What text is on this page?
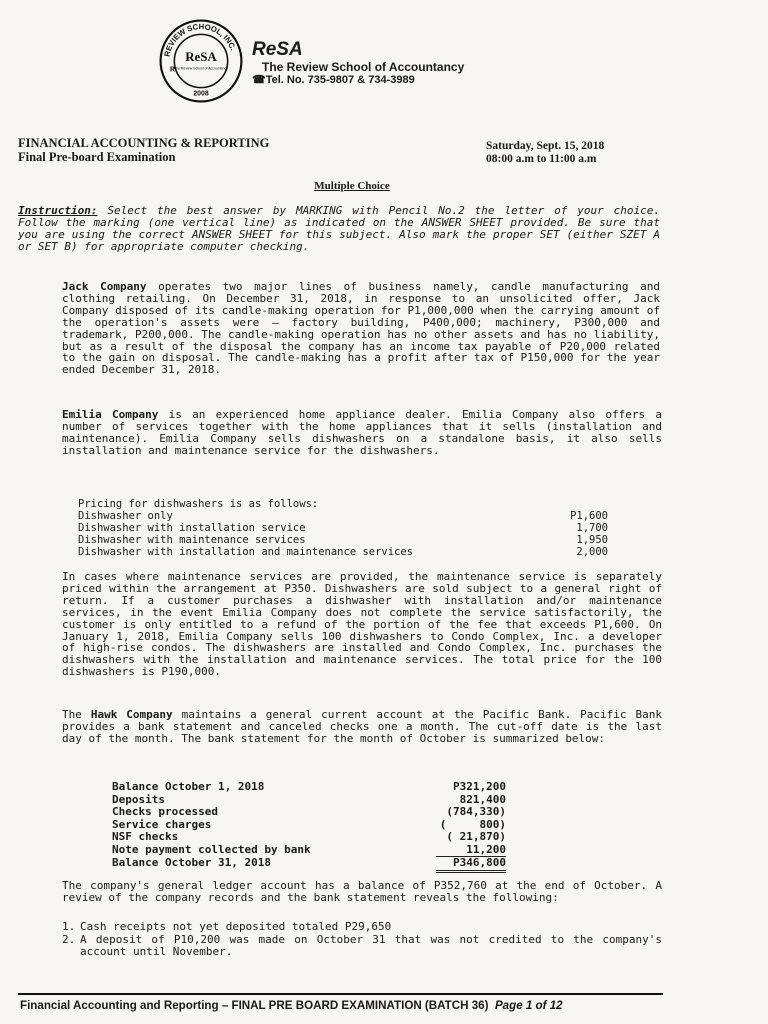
REVIEW SCHOOL, INC.
ReSA
The Review School of Accountancy
R
2008
ReSA
The Review School of Accountancy
☎Tel. No. 735-9807 & 734-3989
FINANCIAL ACCOUNTING & REPORTING
Final Pre-board Examination
Saturday, Sept. 15, 2018
08:00 a.m to 11:00 a.m
Multiple Choice
Instruction: Select the best answer by MARKING with Pencil No.2 the letter of your choice. Follow the marking (one vertical line) as indicated on the ANSWER SHEET provided. Be sure that you are using the correct ANSWER SHEET for this subject. Also mark the proper SET (either SZET A or SET B) for appropriate computer checking.
Jack Company operates two major lines of business namely, candle manufacturing and clothing retailing. On December 31, 2018, in response to an unsolicited offer, Jack Company disposed of its candle-making operation for P1,000,000 when the carrying amount of the operation's assets were – factory building, P400,000; machinery, P300,000 and trademark, P200,000. The candle-making operation has no other assets and has no liability, but as a result of the disposal the company has an income tax payable of P20,000 related to the gain on disposal. The candle-making has a profit after tax of P150,000 for the year ended December 31, 2018.
Emilia Company is an experienced home appliance dealer. Emilia Company also offers a number of services together with the home appliances that it sells (installation and maintenance). Emilia Company sells dishwashers on a standalone basis, it also sells installation and maintenance service for the dishwashers.
Pricing for dishwashers is as follows:
Dishwasher only	P1,600
Dishwasher with installation service	1,700
Dishwasher with maintenance services	1,950
Dishwasher with installation and maintenance services	2,000
In cases where maintenance services are provided, the maintenance service is separately priced within the arrangement at P350. Dishwashers are sold subject to a general right of return. If a customer purchases a dishwasher with installation and/or maintenance services, in the event Emilia Company does not complete the service satisfactorily, the customer is only entitled to a refund of the portion of the fee that exceeds P1,600. On January 1, 2018, Emilia Company sells 100 dishwashers to Condo Complex, Inc. a developer of high-rise condos. The dishwashers are installed and Condo Complex, Inc. purchases the dishwashers with the installation and maintenance services. The total price for the 100 dishwashers is P190,000.
The Hawk Company maintains a general current account at the Pacific Bank. Pacific Bank provides a bank statement and canceled checks one a month. The cut-off date is the last day of the month. The bank statement for the month of October is summarized below:
Balance October 1, 2018	P321,200
Deposits	821,400
Checks processed	(784,330)
Service charges	(     800)
NSF checks	( 21,870)
Note payment collected by bank	11,200
Balance October 31, 2018	P346,800
The company's general ledger account has a balance of P352,760 at the end of October. A review of the company records and the bank statement reveals the following:
1. Cash receipts not yet deposited totaled P29,650
2. A deposit of P10,200 was made on October 31 that was not credited to the company's account until November.
Financial Accounting and Reporting – FINAL PRE BOARD EXAMINATION (BATCH 36) Page 1 of 12
